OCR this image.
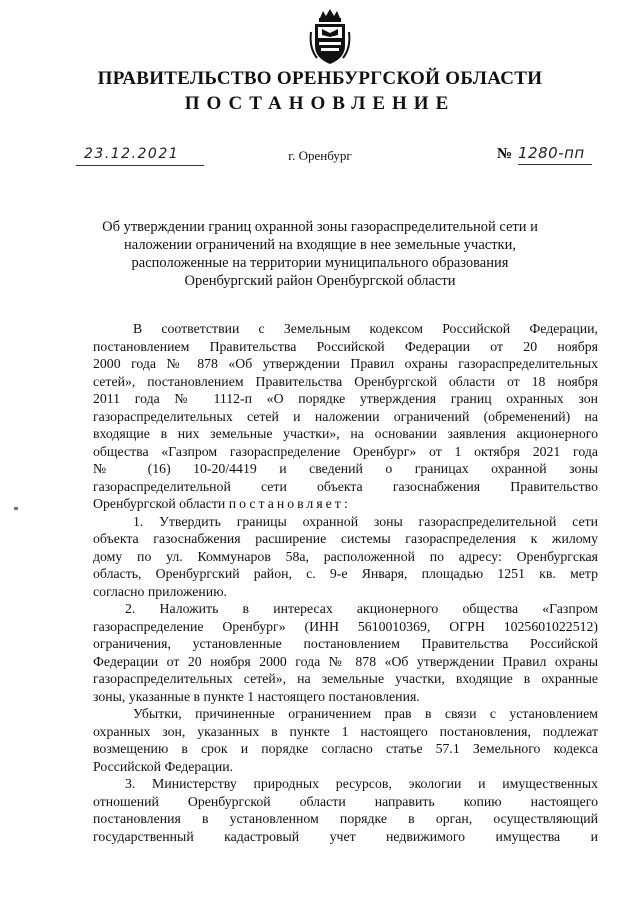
ПРАВИТЕЛЬСТВО ОРЕНБУРГСКОЙ ОБЛАСТИ
ПОСТАНОВЛЕНИЕ
23.12.2021	г. Оренбург	№ 1280-пп
Об утверждении границ охранной зоны газораспределительной сети и
наложении ограничений на входящие в нее земельные участки,
расположенные на территории муниципального образования
Оренбургский район Оренбургской области
В соответствии с Земельным кодексом Российской Федерации,
постановлением Правительства Российской Федерации от 20 ноября
2000 года № 878 «Об утверждении Правил охраны газораспределительных
сетей», постановлением Правительства Оренбургской области от 18 ноября
2011 года № 1112-п «О порядке утверждения границ охранных зон
газораспределительных сетей и наложении ограничений (обременений) на
входящие в них земельные участки», на основании заявления акционерного
общества «Газпром газораспределение Оренбург» от 1 октября 2021 года
№ (16) 10-20/4419 и сведений о границах охранной зоны
газораспределительной сети объекта газоснабжения Правительство
Оренбургской области постановляет:
1. Утвердить границы охранной зоны газораспределительной сети
объекта газоснабжения расширение системы газораспределения к жилому
дому по ул. Коммунаров 58а, расположенной по адресу: Оренбургская
область, Оренбургский район, с. 9-е Января, площадью 1251 кв. метр
согласно приложению.
2. Наложить в интересах акционерного общества «Газпром
газораспределение Оренбург» (ИНН 5610010369, ОГРН 1025601022512)
ограничения, установленные постановлением Правительства Российской
Федерации от 20 ноября 2000 года № 878 «Об утверждении Правил охраны
газораспределительных сетей», на земельные участки, входящие в охранные
зоны, указанные в пункте 1 настоящего постановления.
Убытки, причиненные ограничением прав в связи с установлением
охранных зон, указанных в пункте 1 настоящего постановления, подлежат
возмещению в срок и порядке согласно статье 57.1 Земельного кодекса
Российской Федерации.
3. Министерству природных ресурсов, экологии и имущественных
отношений Оренбургской области направить копию настоящего
постановления в установленном порядке в орган, осуществляющий
государственный кадастровый учет недвижимого имущества и
